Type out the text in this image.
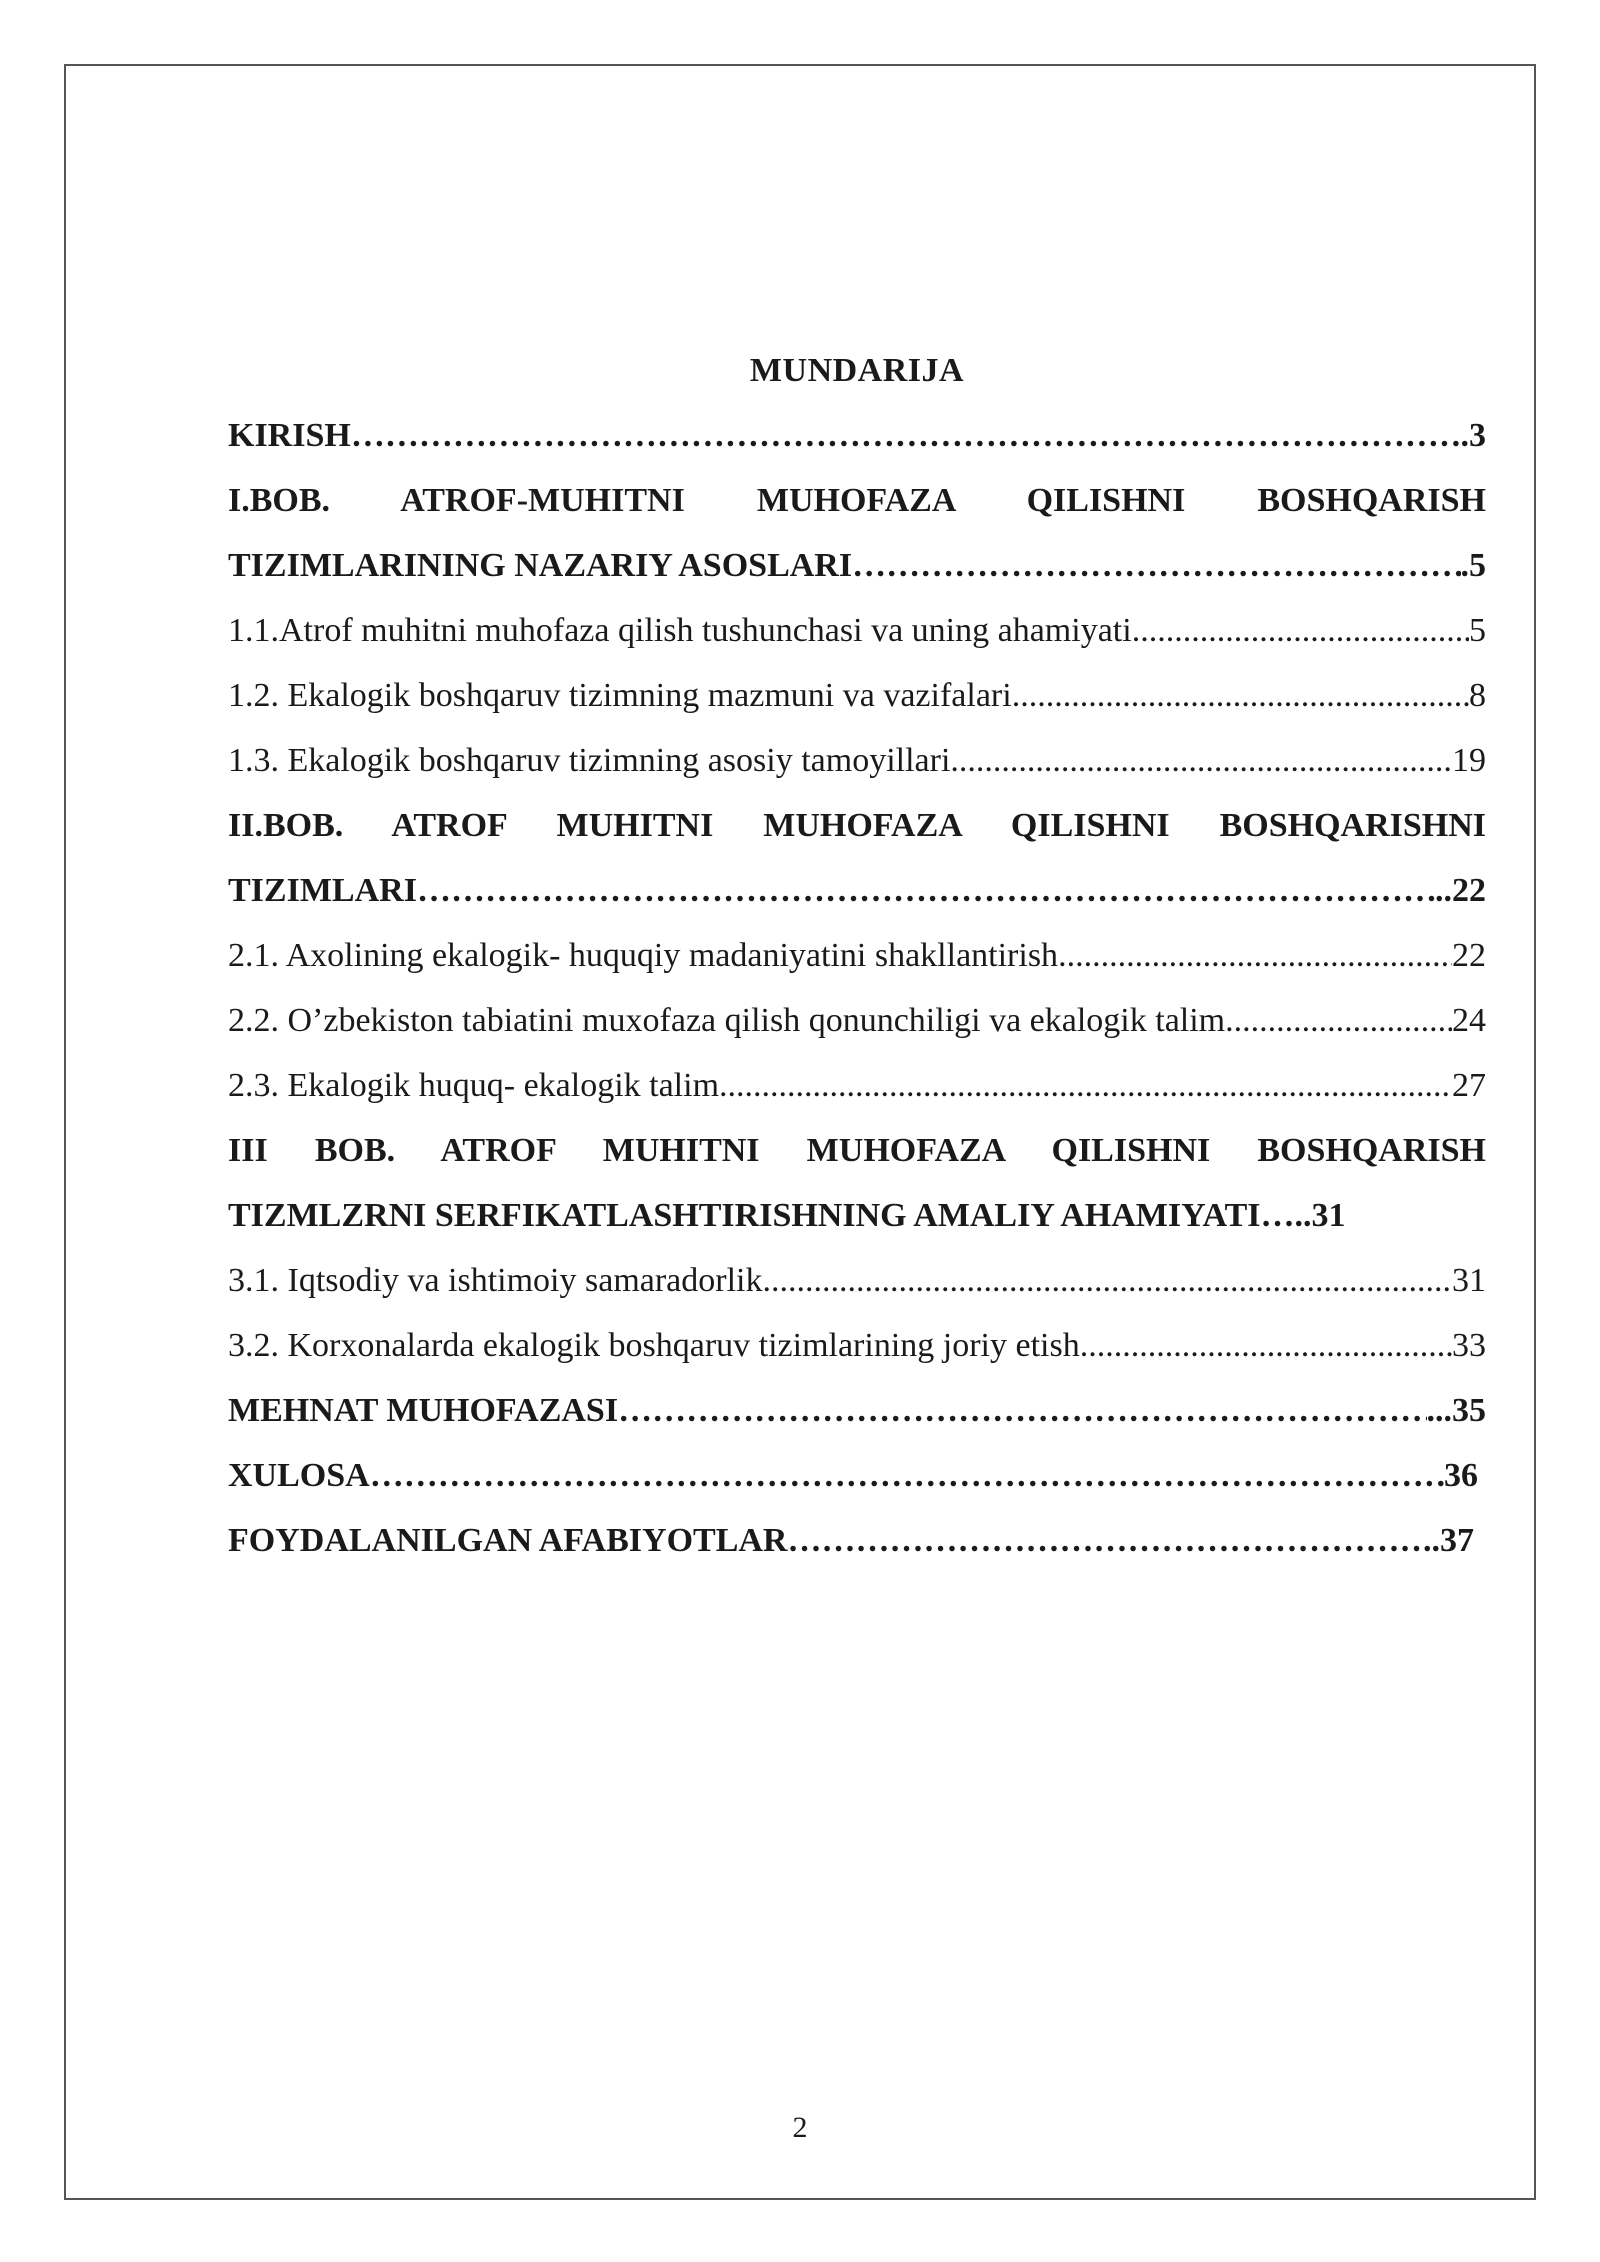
MUNDARIJA
KIRISH …………………………………………………………………………………………………………………………………………………………………………	.3
I.BOB. ATROF-MUHITNI MUHOFAZA QILISHNI BOSHQARISH
TIZIMLARINING NAZARIY ASOSLARI …………………………………………………………………………………………………………………………………………………………………………	.5
1.1.Atrof muhitni muhofaza qilish tushunchasi va uning ahamiyati .....	5
1.2. Ekalogik boshqaruv tizimning mazmuni va vazifalari .....	8
1.3. Ekalogik boshqaruv tizimning asosiy tamoyillari .....	19
II.BOB. ATROF MUHITNI MUHOFAZA QILISHNI BOSHQARISHNI
TIZIMLARI …………………………………………………………………………………………………………………………………………………………………………	..22
2.1. Axolining ekalogik- huquqiy madaniyatini shakllantirish .....	22
2.2. O’zbekiston tabiatini muxofaza qilish qonunchiligi va ekalogik talim .....	24
2.3. Ekalogik huquq- ekalogik talim .....	27
III BOB. ATROF MUHITNI MUHOFAZA QILISHNI BOSHQARISH
TIZMLZRNI SERFIKATLASHTIRISHNING AMALIY AHAMIYATI…..31
3.1. Iqtsodiy va ishtimoiy samaradorlik .....	31
3.2. Korxonalarda ekalogik boshqaruv tizimlarining joriy etish .....	33
MEHNAT MUHOFAZASI …………………………………………………………………………………………………………………………………………………………………………	...35
XULOSA …………………………………………………………………………………………………………………………………………………………………………	36
FOYDALANILGAN AFABIYOTLAR …………………………………………………………………………………………………………………………………………………………………………	..37
2
